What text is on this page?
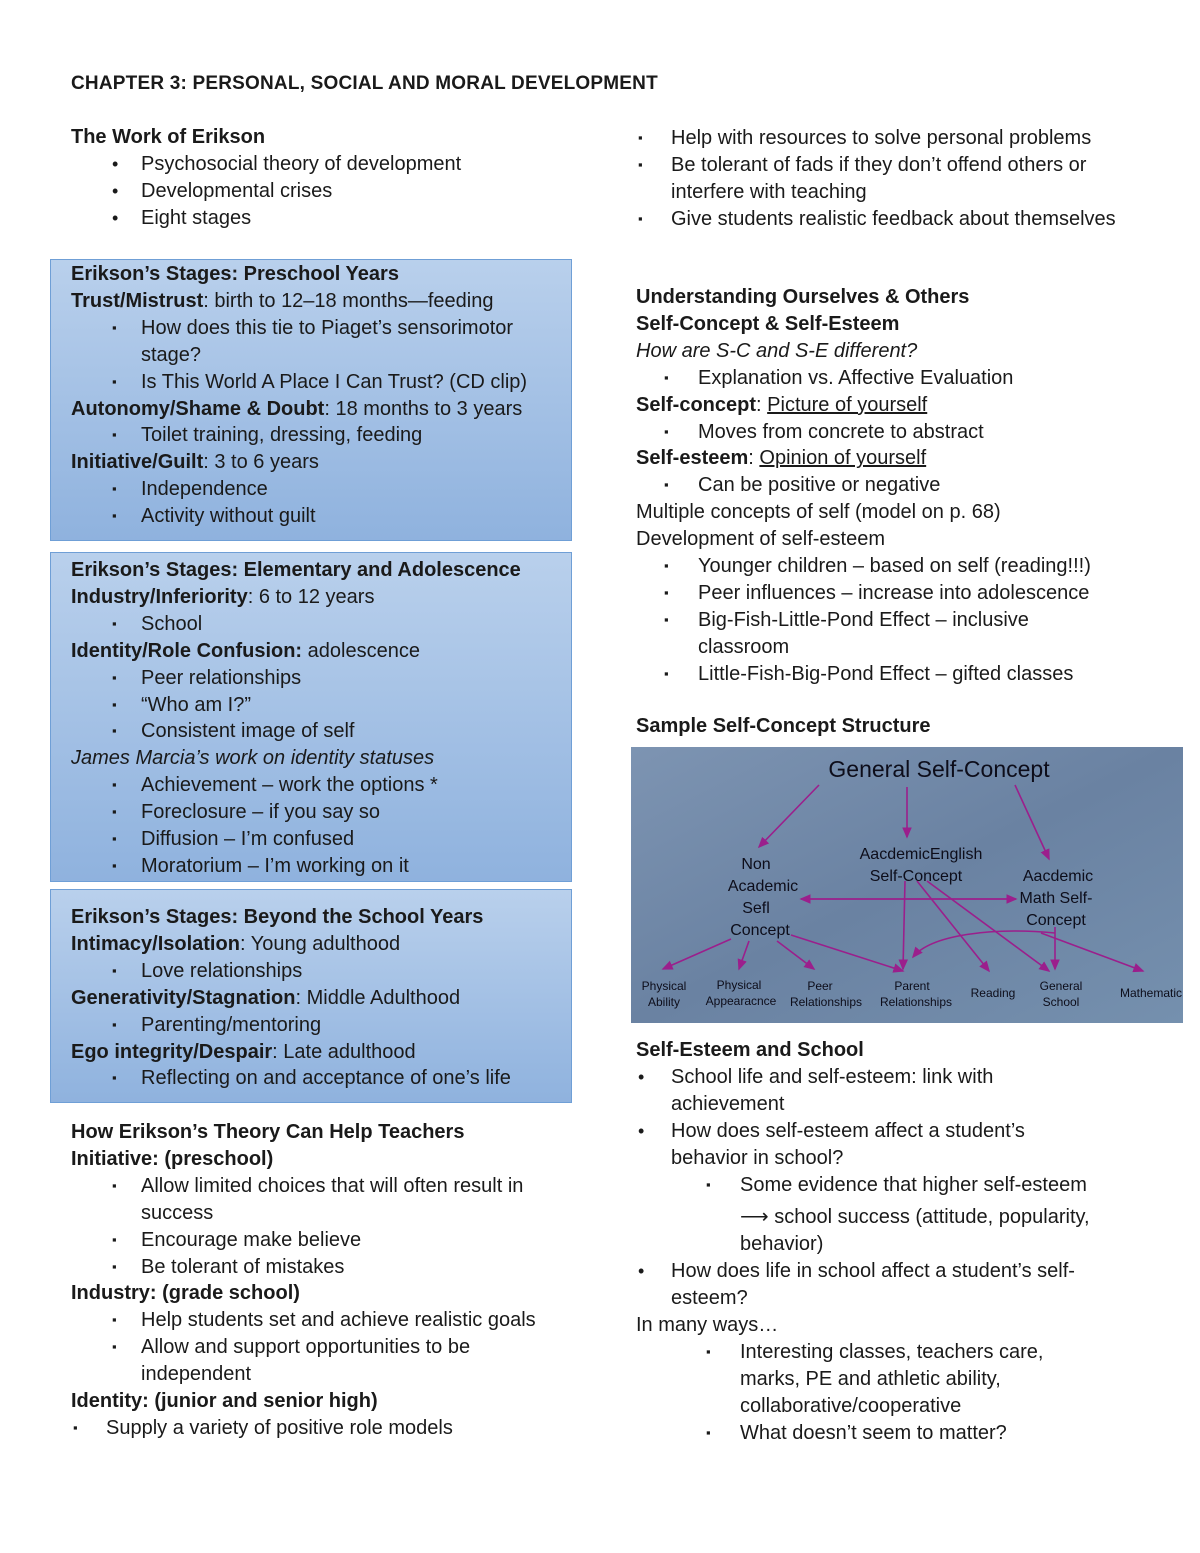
CHAPTER 3: PERSONAL, SOCIAL AND MORAL DEVELOPMENT
The Work of Erikson
• Psychosocial theory of development
• Developmental crises
• Eight stages
Erikson’s Stages: Preschool Years
Trust/Mistrust: birth to 12–18 months—feeding
▪ How does this tie to Piaget’s sensorimotor stage?
▪ Is This World A Place I Can Trust? (CD clip)
Autonomy/Shame & Doubt: 18 months to 3 years
▪ Toilet training, dressing, feeding
Initiative/Guilt: 3 to 6 years
▪ Independence
▪ Activity without guilt
Erikson’s Stages: Elementary and Adolescence
Industry/Inferiority: 6 to 12 years
▪ School
Identity/Role Confusion: adolescence
▪ Peer relationships
▪ “Who am I?”
▪ Consistent image of self
James Marcia’s work on identity statuses
▪ Achievement – work the options *
▪ Foreclosure – if you say so
▪ Diffusion – I’m confused
▪ Moratorium – I’m working on it
Erikson’s Stages: Beyond the School Years
Intimacy/Isolation: Young adulthood
▪ Love relationships
Generativity/Stagnation: Middle Adulthood
▪ Parenting/mentoring
Ego integrity/Despair: Late adulthood
▪ Reflecting on and acceptance of one’s life
How Erikson’s Theory Can Help Teachers
Initiative: (preschool)
▪ Allow limited choices that will often result in success
▪ Encourage make believe
▪ Be tolerant of mistakes
Industry: (grade school)
▪ Help students set and achieve realistic goals
▪ Allow and support opportunities to be independent
Identity: (junior and senior high)
▪ Supply a variety of positive role models
▪ Help with resources to solve personal problems
▪ Be tolerant of fads if they don’t offend others or interfere with teaching
▪ Give students realistic feedback about themselves
Understanding Ourselves & Others
Self-Concept & Self-Esteem
How are S-C and S-E different?
▪ Explanation vs. Affective Evaluation
Self-concept: Picture of yourself
▪ Moves from concrete to abstract
Self-esteem: Opinion of yourself
▪ Can be positive or negative
Multiple concepts of self (model on p. 68)
Development of self-esteem
▪ Younger children – based on self (reading!!!)
▪ Peer influences – increase into adolescence
▪ Big-Fish-Little-Pond Effect – inclusive classroom
▪ Little-Fish-Big-Pond Effect – gifted classes
Sample Self-Concept Structure
General Self-Concept
Non
Academic
Sefl
Concept
AacdemicEnglish
Self-Concept	Aacdemic
Math Self-
Concept
Physical
Ability
Physical
Appearacnce
Peer
Relationships
Parent
Relationships
Reading General
School
Mathematic
Self-Esteem and School
• School life and self-esteem: link with achievement
• How does self-esteem affect a student’s behavior in school?
▪ Some evidence that higher self-esteem
⟶ school success (attitude, popularity, behavior)
• How does life in school affect a student’s self-esteem?
In many ways…
▪ Interesting classes, teachers care, marks, PE and athletic ability, collaborative/cooperative
▪ What doesn’t seem to matter?
